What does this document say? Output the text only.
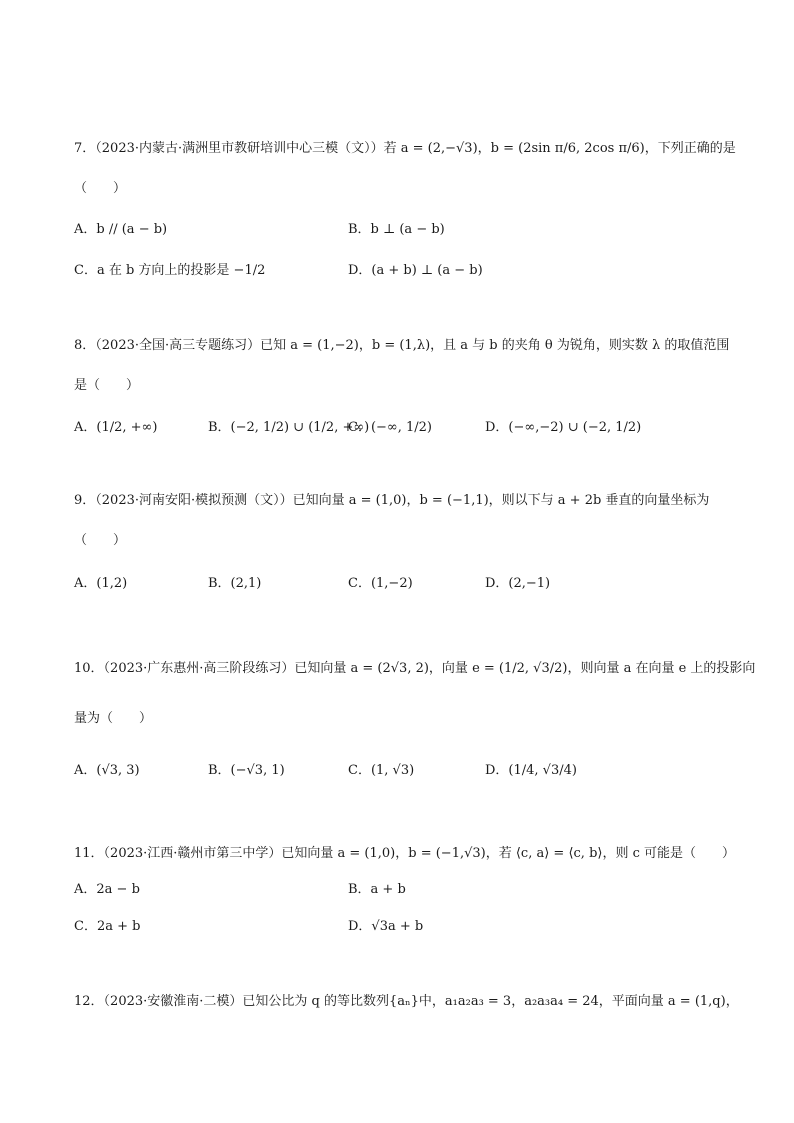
7．（2023·内蒙古·满洲里市教研培训中心三模（文））若 a = (2,−√3)，b = (2sin π/6, 2cos π/6)，下列正确的是
（　　）
A．b // (a − b)	B．b ⊥ (a − b)
C．a 在 b 方向上的投影是 −1/2	D．(a + b) ⊥ (a − b)
8．（2023·全国·高三专题练习）已知 a = (1,−2)，b = (1,λ)，且 a 与 b 的夹角 θ 为锐角，则实数 λ 的取值范围
是（　　）
A．(1/2, +∞)	B．(−2, 1/2) ∪ (1/2, +∞)
C．(−∞, 1/2)	D．(−∞,−2) ∪ (−2, 1/2)
9．（2023·河南安阳·模拟预测（文））已知向量 a = (1,0)，b = (−1,1)，则以下与 a + 2b 垂直的向量坐标为
（　　）
A．(1,2)	B．(2,1)	C．(1,−2)	D．(2,−1)
10．（2023·广东惠州·高三阶段练习）已知向量 a = (2√3, 2)，向量 e = (1/2, √3/2)，则向量 a 在向量 e 上的投影向
量为（　　）
A．(√3, 3)	B．(−√3, 1)	C．(1, √3)	D．(1/4, √3/4)
11．（2023·江西·赣州市第三中学）已知向量 a = (1,0)，b = (−1,√3)，若 ⟨c, a⟩ = ⟨c, b⟩，则 c 可能是（　　）
A．2a − b	B．a + b
C．2a + b	D．√3a + b
12．（2023·安徽淮南·二模）已知公比为 q 的等比数列{aₙ}中，a₁a₂a₃ = 3，a₂a₃a₄ = 24，平面向量 a = (1,q)，
